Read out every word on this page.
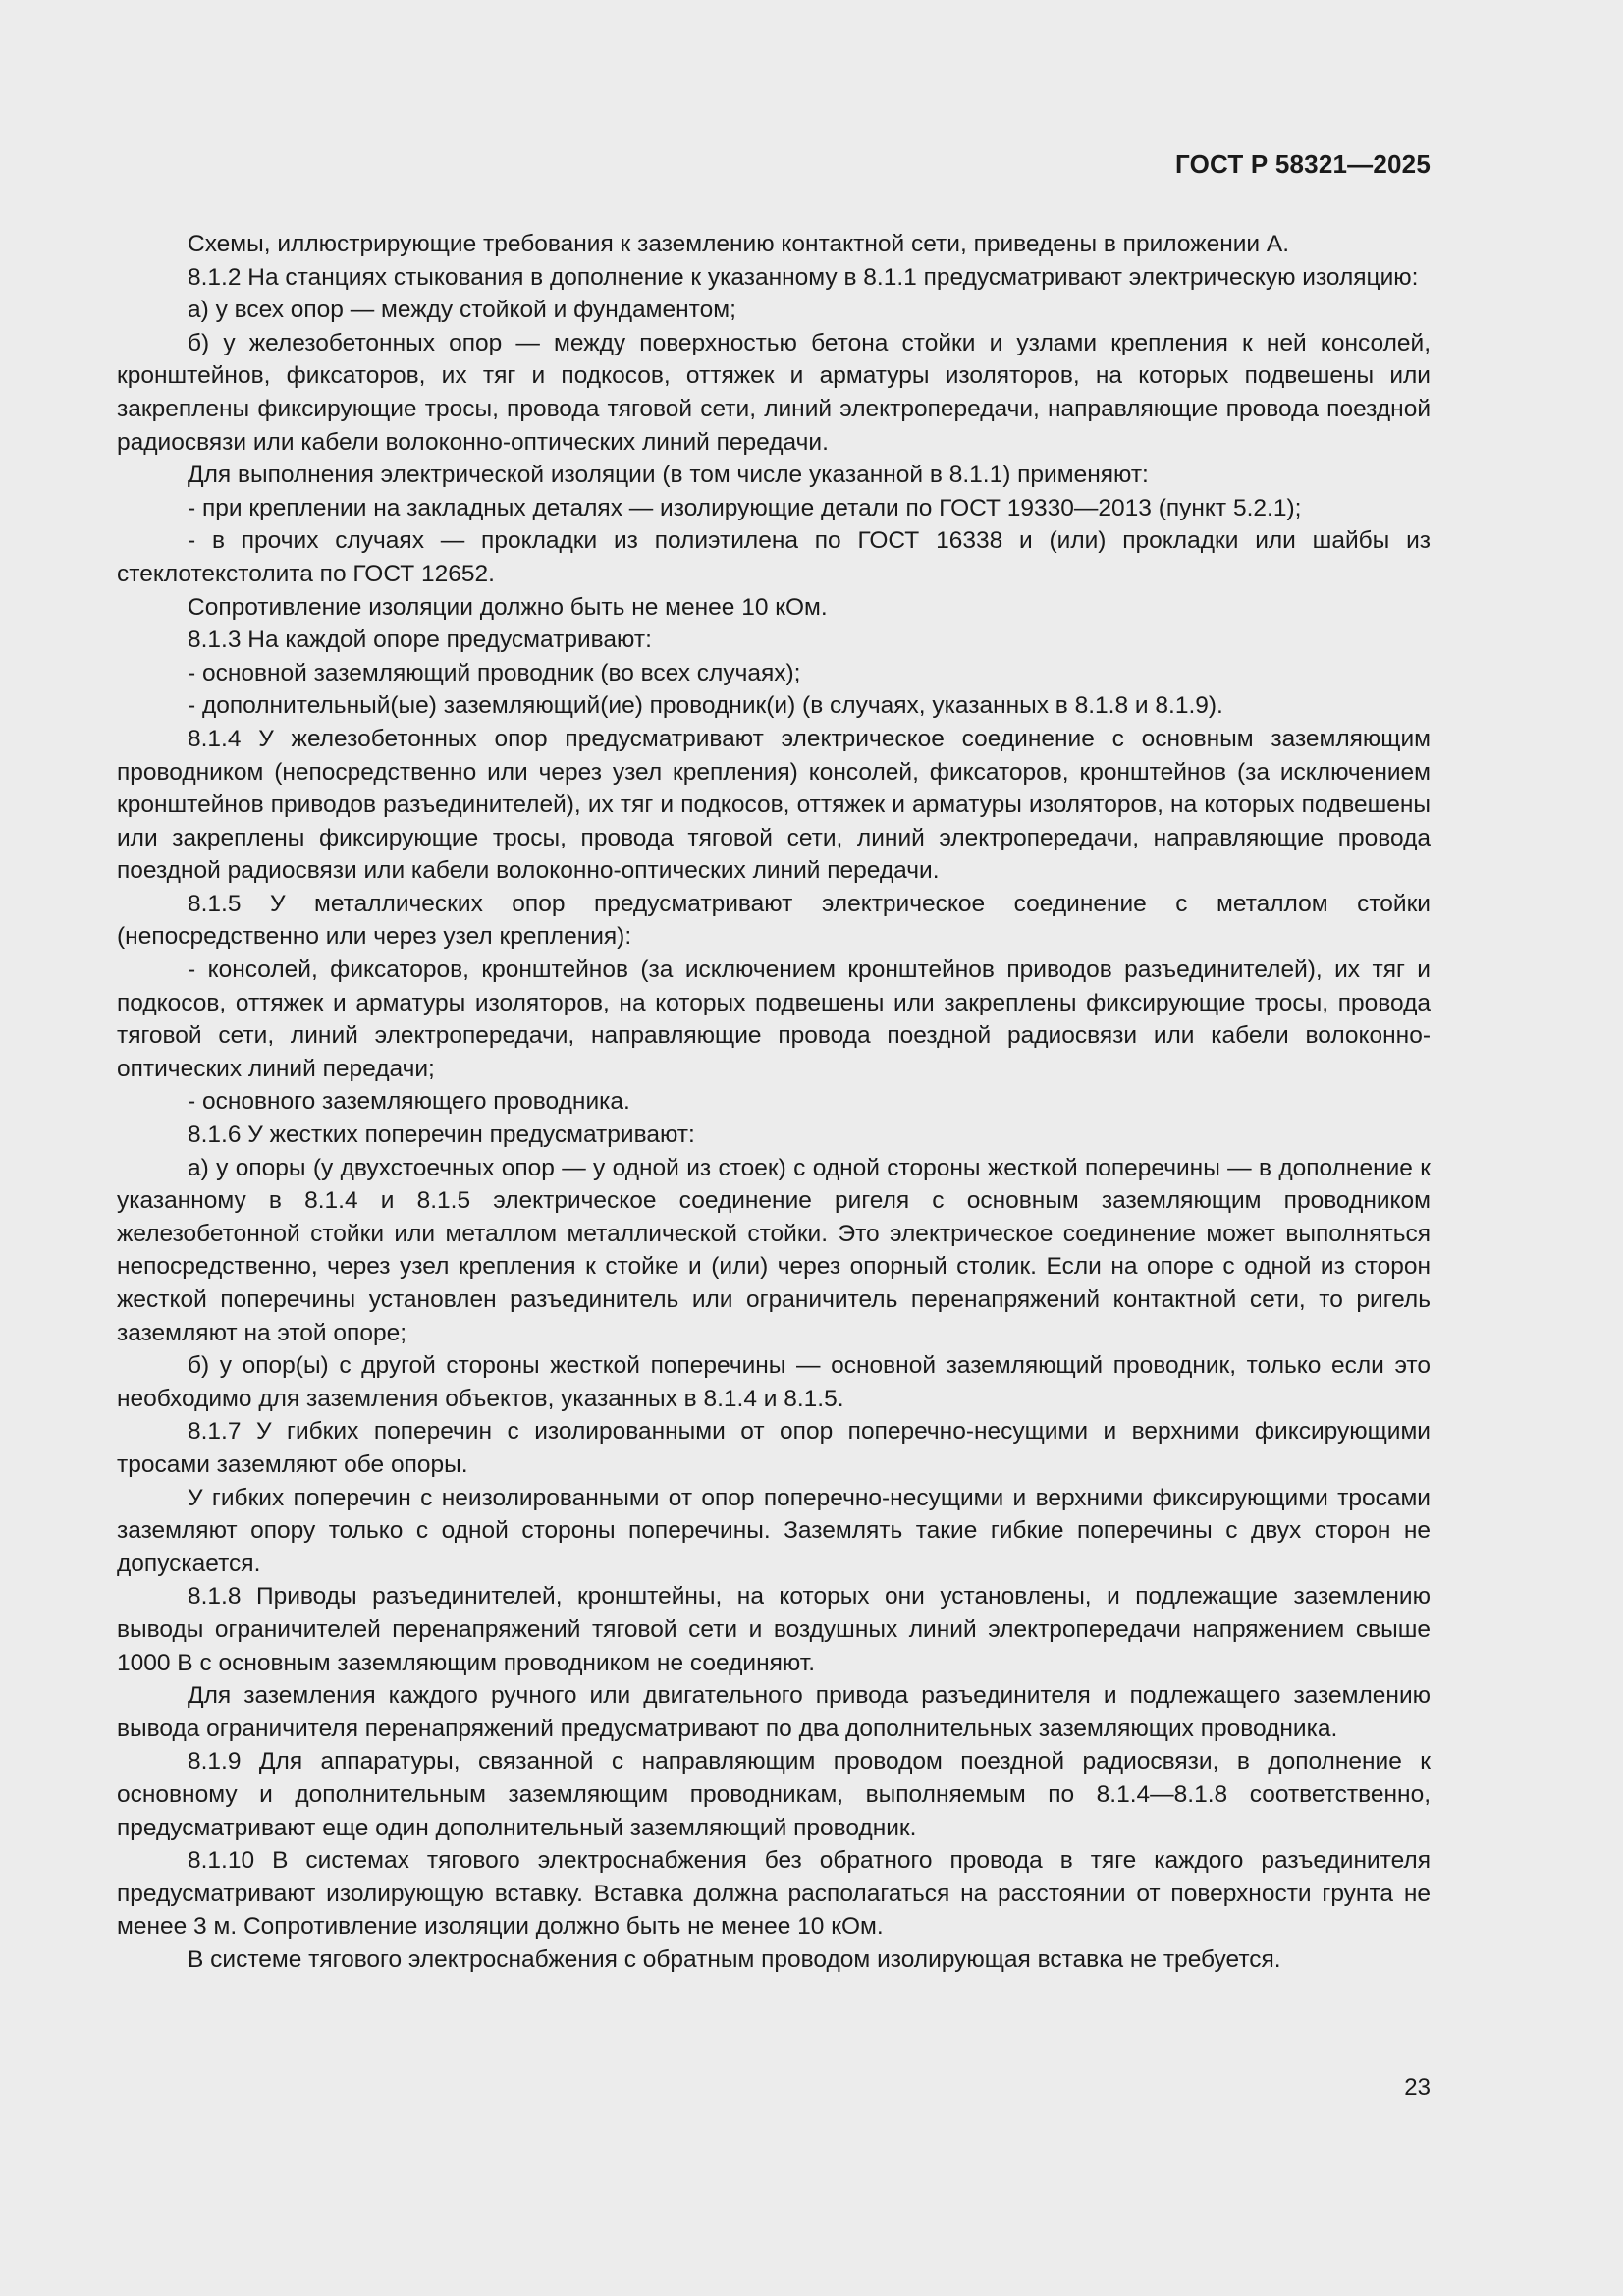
ГОСТ Р 58321—2025

Схемы, иллюстрирующие требования к заземлению контактной сети, приведены в приложении А.

8.1.2 На станциях стыкования в дополнение к указанному в 8.1.1 предусматривают электрическую изоляцию:

а) у всех опор — между стойкой и фундаментом;

б) у железобетонных опор — между поверхностью бетона стойки и узлами крепления к ней консолей, кронштейнов, фиксаторов, их тяг и подкосов, оттяжек и арматуры изоляторов, на которых подвешены или закреплены фиксирующие тросы, провода тяговой сети, линий электропередачи, направляющие провода поездной радиосвязи или кабели волоконно-оптических линий передачи.

Для выполнения электрической изоляции (в том числе указанной в 8.1.1) применяют:

- при креплении на закладных деталях — изолирующие детали по ГОСТ 19330—2013 (пункт 5.2.1);

- в прочих случаях — прокладки из полиэтилена по ГОСТ 16338 и (или) прокладки или шайбы из стеклотекстолита по ГОСТ 12652.

Сопротивление изоляции должно быть не менее 10 кОм.

8.1.3 На каждой опоре предусматривают:

- основной заземляющий проводник (во всех случаях);

- дополнительный(ые) заземляющий(ие) проводник(и) (в случаях, указанных в 8.1.8 и 8.1.9).

8.1.4 У железобетонных опор предусматривают электрическое соединение с основным заземляющим проводником (непосредственно или через узел крепления) консолей, фиксаторов, кронштейнов (за исключением кронштейнов приводов разъединителей), их тяг и подкосов, оттяжек и арматуры изоляторов, на которых подвешены или закреплены фиксирующие тросы, провода тяговой сети, линий электропередачи, направляющие провода поездной радиосвязи или кабели волоконно-оптических линий передачи.

8.1.5 У металлических опор предусматривают электрическое соединение с металлом стойки (непосредственно или через узел крепления):

- консолей, фиксаторов, кронштейнов (за исключением кронштейнов приводов разъединителей), их тяг и подкосов, оттяжек и арматуры изоляторов, на которых подвешены или закреплены фиксирующие тросы, провода тяговой сети, линий электропередачи, направляющие провода поездной радиосвязи или кабели волоконно-оптических линий передачи;

- основного заземляющего проводника.

8.1.6 У жестких поперечин предусматривают:

а) у опоры (у двухстоечных опор — у одной из стоек) с одной стороны жесткой поперечины — в дополнение к указанному в 8.1.4 и 8.1.5 электрическое соединение ригеля с основным заземляющим проводником железобетонной стойки или металлом металлической стойки. Это электрическое соединение может выполняться непосредственно, через узел крепления к стойке и (или) через опорный столик. Если на опоре с одной из сторон жесткой поперечины установлен разъединитель или ограничитель перенапряжений контактной сети, то ригель заземляют на этой опоре;

б) у опор(ы) с другой стороны жесткой поперечины — основной заземляющий проводник, только если это необходимо для заземления объектов, указанных в 8.1.4 и 8.1.5.

8.1.7 У гибких поперечин с изолированными от опор поперечно-несущими и верхними фиксирующими тросами заземляют обе опоры.

У гибких поперечин с неизолированными от опор поперечно-несущими и верхними фиксирующими тросами заземляют опору только с одной стороны поперечины. Заземлять такие гибкие поперечины с двух сторон не допускается.

8.1.8 Приводы разъединителей, кронштейны, на которых они установлены, и подлежащие заземлению выводы ограничителей перенапряжений тяговой сети и воздушных линий электропередачи напряжением свыше 1000 В с основным заземляющим проводником не соединяют.

Для заземления каждого ручного или двигательного привода разъединителя и подлежащего заземлению вывода ограничителя перенапряжений предусматривают по два дополнительных заземляющих проводника.

8.1.9 Для аппаратуры, связанной с направляющим проводом поездной радиосвязи, в дополнение к основному и дополнительным заземляющим проводникам, выполняемым по 8.1.4—8.1.8 соответственно, предусматривают еще один дополнительный заземляющий проводник.

8.1.10 В системах тягового электроснабжения без обратного провода в тяге каждого разъединителя предусматривают изолирующую вставку. Вставка должна располагаться на расстоянии от поверхности грунта не менее 3 м. Сопротивление изоляции должно быть не менее 10 кОм.

В системе тягового электроснабжения с обратным проводом изолирующая вставка не требуется.

23
